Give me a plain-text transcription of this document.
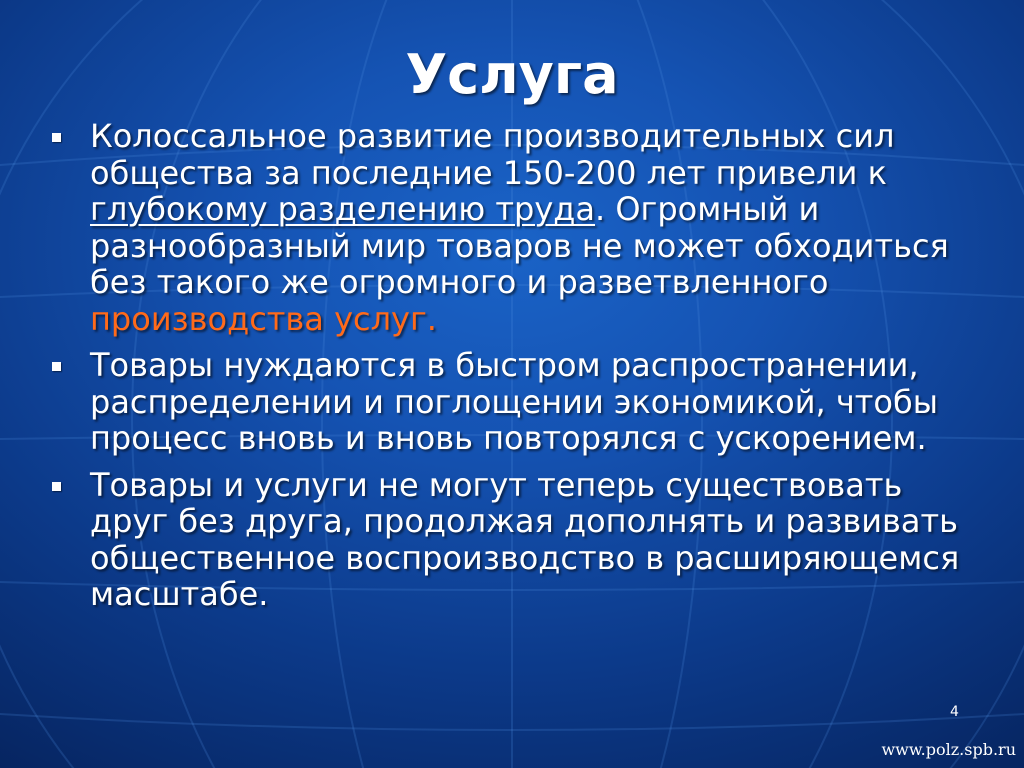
Услуга
Колоссальное развитие производительных сил общества за последние 150-200 лет привели к глубокому разделению труда. Огромный и разнообразный мир товаров не может обходиться без такого же огромного и разветвленного производства услуг.
Товары нуждаются в быстром распространении, распределении и поглощении экономикой, чтобы процесс вновь и вновь повторялся с ускорением.
Товары и услуги не могут теперь существовать друг без друга, продолжая дополнять и развивать общественное воспроизводство в расширяющемся масштабе.
4
www.polz.spb.ru
